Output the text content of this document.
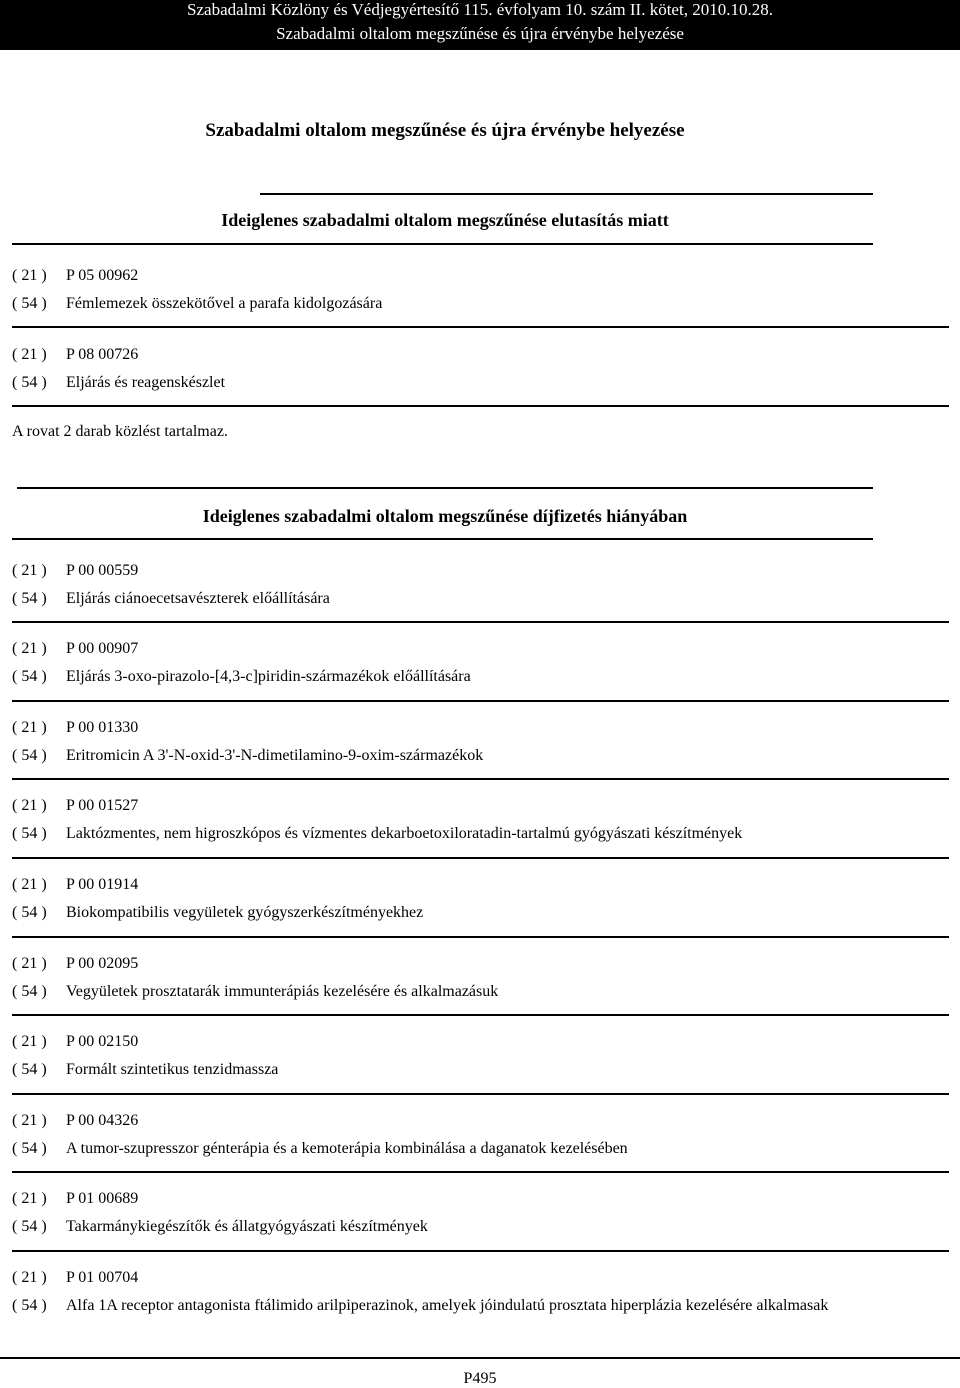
Szabadalmi Közlöny és Védjegyértesítő 115. évfolyam 10. szám II. kötet, 2010.10.28.
Szabadalmi oltalom megszűnése és újra érvénybe helyezése
Szabadalmi oltalom megszűnése és újra érvénybe helyezése
Ideiglenes szabadalmi oltalom megszűnése elutasítás miatt
( 21 )	P 05 00962
( 54 )	Fémlemezek összekötővel a parafa kidolgozására
( 21 )	P 08 00726
( 54 )	Eljárás és reagenskészlet
A rovat 2 darab közlést tartalmaz.
Ideiglenes szabadalmi oltalom megszűnése díjfizetés hiányában
( 21 )	P 00 00559
( 54 )	Eljárás ciánoecetsavészterek előállítására
( 21 )	P 00 00907
( 54 )	Eljárás 3-oxo-pirazolo-[4,3-c]piridin-származékok előállítására
( 21 )	P 00 01330
( 54 )	Eritromicin A 3'-N-oxid-3'-N-dimetilamino-9-oxim-származékok
( 21 )	P 00 01527
( 54 )	Laktózmentes, nem higroszkópos és vízmentes dekarboetoxiloratadin-tartalmú gyógyászati készítmények
( 21 )	P 00 01914
( 54 )	Biokompatibilis vegyületek gyógyszerkészítményekhez
( 21 )	P 00 02095
( 54 )	Vegyületek prosztatarák immunterápiás kezelésére és alkalmazásuk
( 21 )	P 00 02150
( 54 )	Formált szintetikus tenzidmassza
( 21 )	P 00 04326
( 54 )	A tumor-szupresszor génterápia és a kemoterápia kombinálása a daganatok kezelésében
( 21 )	P 01 00689
( 54 )	Takarmánykiegészítők és állatgyógyászati készítmények
( 21 )	P 01 00704
( 54 )	Alfa 1A receptor antagonista ftálimido arilpiperazinok, amelyek jóindulatú prosztata hiperplázia kezelésére alkalmasak
P495
